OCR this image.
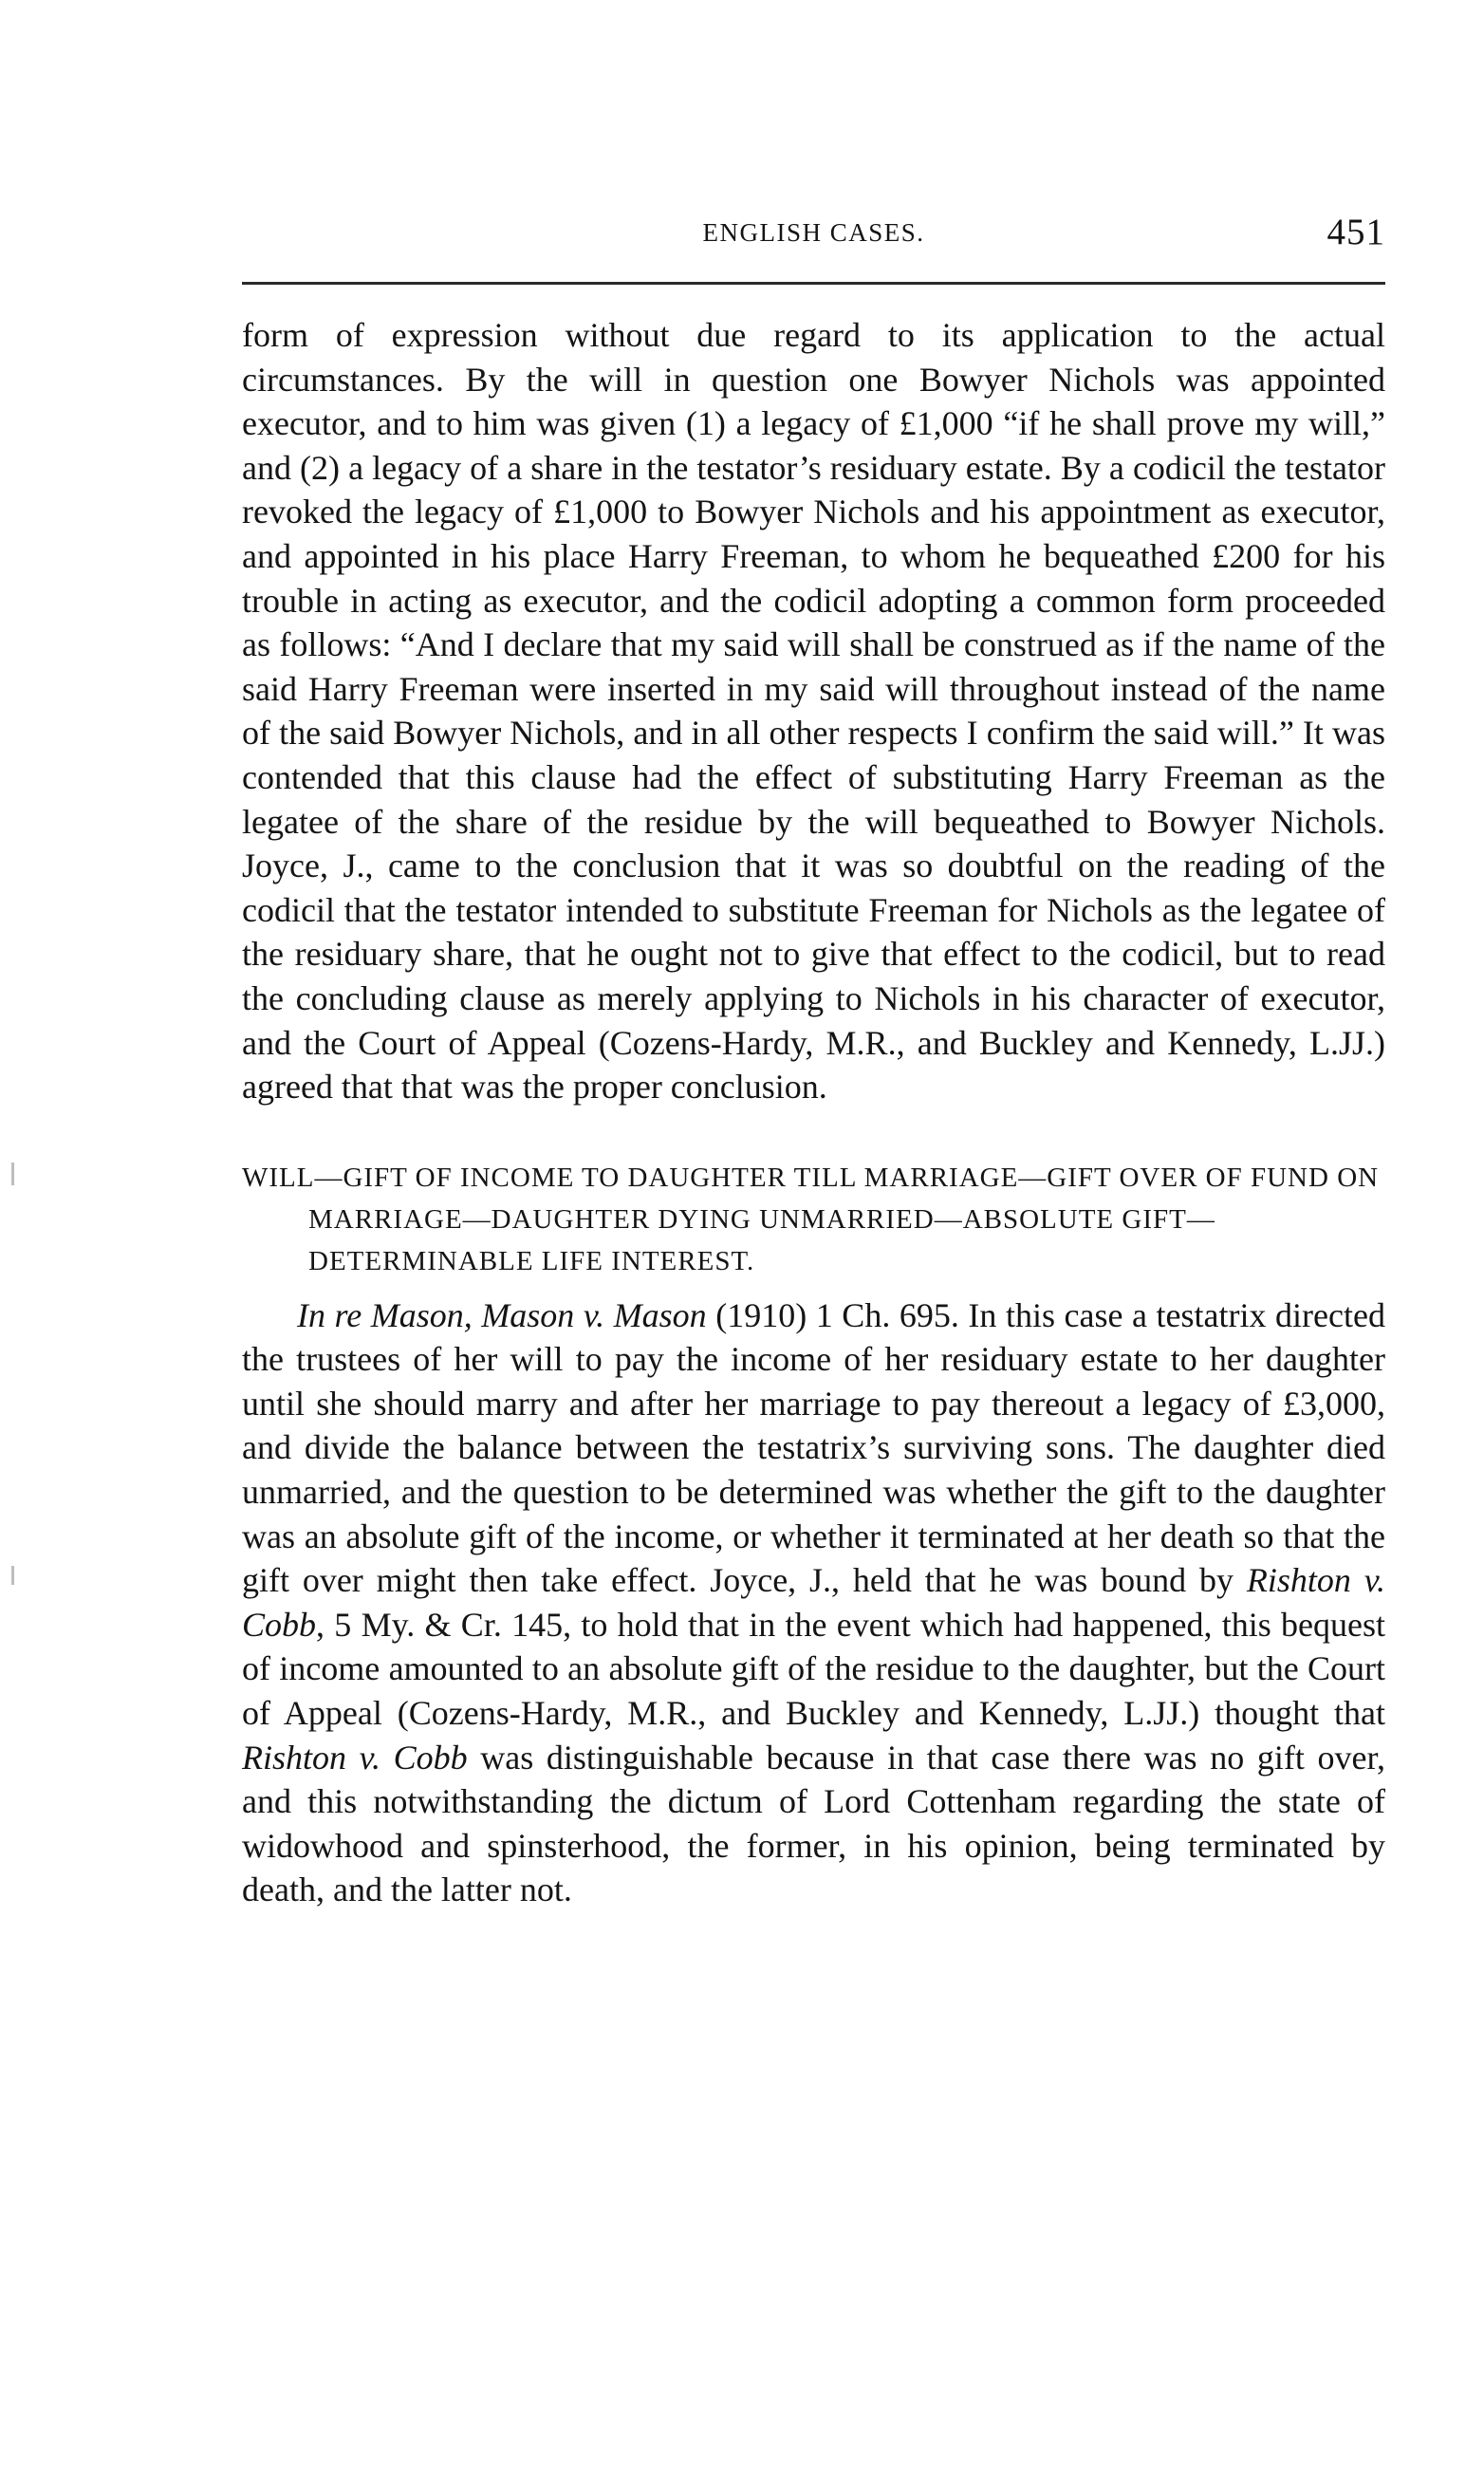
ENGLISH CASES.	451

form of expression without due regard to its application to the actual circumstances. By the will in question one Bowyer Nichols was appointed executor, and to him was given (1) a legacy of £1,000 “if he shall prove my will,” and (2) a legacy of a share in the testator’s residuary estate. By a codicil the testator revoked the legacy of £1,000 to Bowyer Nichols and his appointment as executor, and appointed in his place Harry Freeman, to whom he bequeathed £200 for his trouble in acting as executor, and the codicil adopting a common form proceeded as follows: “And I declare that my said will shall be construed as if the name of the said Harry Freeman were inserted in my said will throughout instead of the name of the said Bowyer Nichols, and in all other respects I confirm the said will.” It was contended that this clause had the effect of substituting Harry Freeman as the legatee of the share of the residue by the will bequeathed to Bowyer Nichols. Joyce, J., came to the conclusion that it was so doubtful on the reading of the codicil that the testator intended to substitute Freeman for Nichols as the legatee of the residuary share, that he ought not to give that effect to the codicil, but to read the concluding clause as merely applying to Nichols in his character of executor, and the Court of Appeal (Cozens-Hardy, M.R., and Buckley and Kennedy, L.JJ.) agreed that that was the proper conclusion.

WILL—GIFT OF INCOME TO DAUGHTER TILL MARRIAGE—GIFT OVER OF FUND ON MARRIAGE—DAUGHTER DYING UNMARRIED—ABSOLUTE GIFT—DETERMINABLE LIFE INTEREST.

In re Mason, Mason v. Mason (1910) 1 Ch. 695. In this case a testatrix directed the trustees of her will to pay the income of her residuary estate to her daughter until she should marry and after her marriage to pay thereout a legacy of £3,000, and divide the balance between the testatrix’s surviving sons. The daughter died unmarried, and the question to be determined was whether the gift to the daughter was an absolute gift of the income, or whether it terminated at her death so that the gift over might then take effect. Joyce, J., held that he was bound by Rishton v. Cobb, 5 My. & Cr. 145, to hold that in the event which had happened, this bequest of income amounted to an absolute gift of the residue to the daughter, but the Court of Appeal (Cozens-Hardy, M.R., and Buckley and Kennedy, L.JJ.) thought that Rishton v. Cobb was distinguishable because in that case there was no gift over, and this notwithstanding the dictum of Lord Cottenham regarding the state of widowhood and spinsterhood, the former, in his opinion, being terminated by death, and the latter not.
